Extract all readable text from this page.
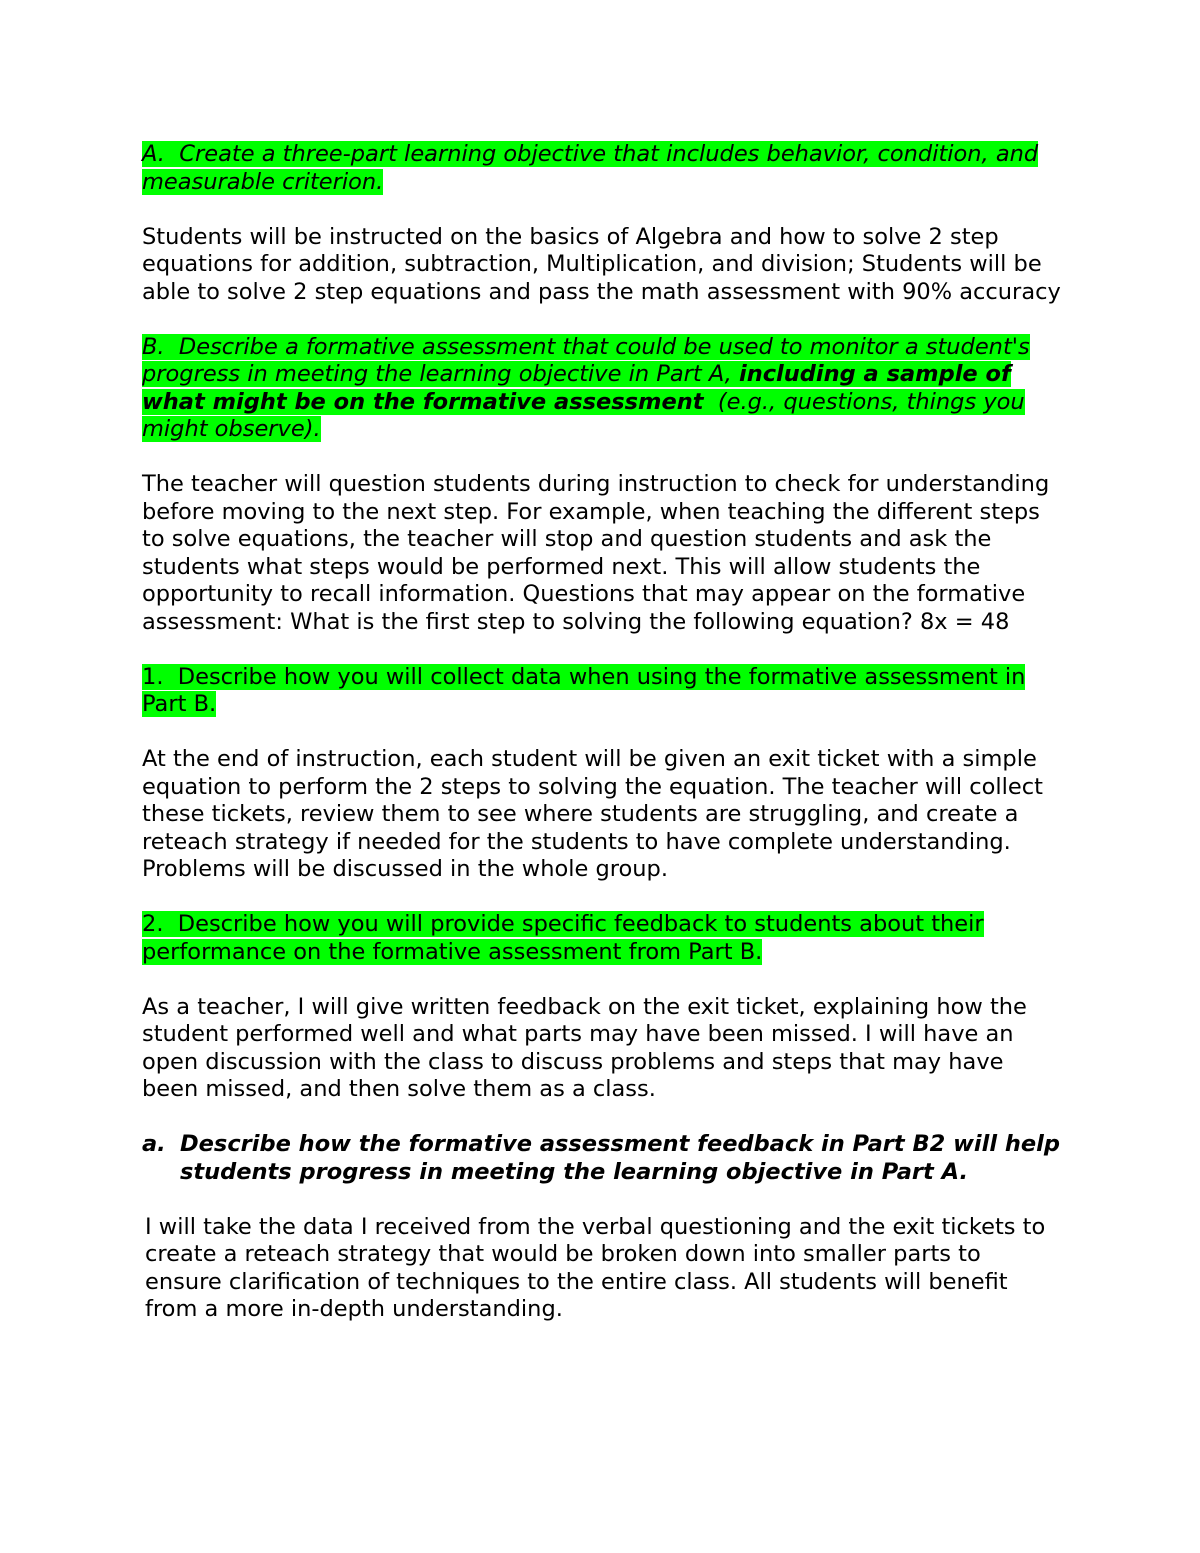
A. Create a three-part learning objective that includes behavior, condition, and measurable criterion.

Students will be instructed on the basics of Algebra and how to solve 2 step equations for addition, subtraction, Multiplication, and division; Students will be able to solve 2 step equations and pass the math assessment with 90% accuracy

B. Describe a formative assessment that could be used to monitor a student's progress in meeting the learning objective in Part A, including a sample of what might be on the formative assessment (e.g., questions, things you might observe).

The teacher will question students during instruction to check for understanding before moving to the next step. For example, when teaching the different steps to solve equations, the teacher will stop and question students and ask the students what steps would be performed next. This will allow students the opportunity to recall information. Questions that may appear on the formative assessment: What is the first step to solving the following equation? 8x = 48

1. Describe how you will collect data when using the formative assessment in Part B.

At the end of instruction, each student will be given an exit ticket with a simple equation to perform the 2 steps to solving the equation. The teacher will collect these tickets, review them to see where students are struggling, and create a reteach strategy if needed for the students to have complete understanding. Problems will be discussed in the whole group.

2. Describe how you will provide specific feedback to students about their performance on the formative assessment from Part B.

As a teacher, I will give written feedback on the exit ticket, explaining how the student performed well and what parts may have been missed. I will have an open discussion with the class to discuss problems and steps that may have been missed, and then solve them as a class.

a. Describe how the formative assessment feedback in Part B2 will help students progress in meeting the learning objective in Part A.

I will take the data I received from the verbal questioning and the exit tickets to create a reteach strategy that would be broken down into smaller parts to ensure clarification of techniques to the entire class. All students will benefit from a more in-depth understanding.
